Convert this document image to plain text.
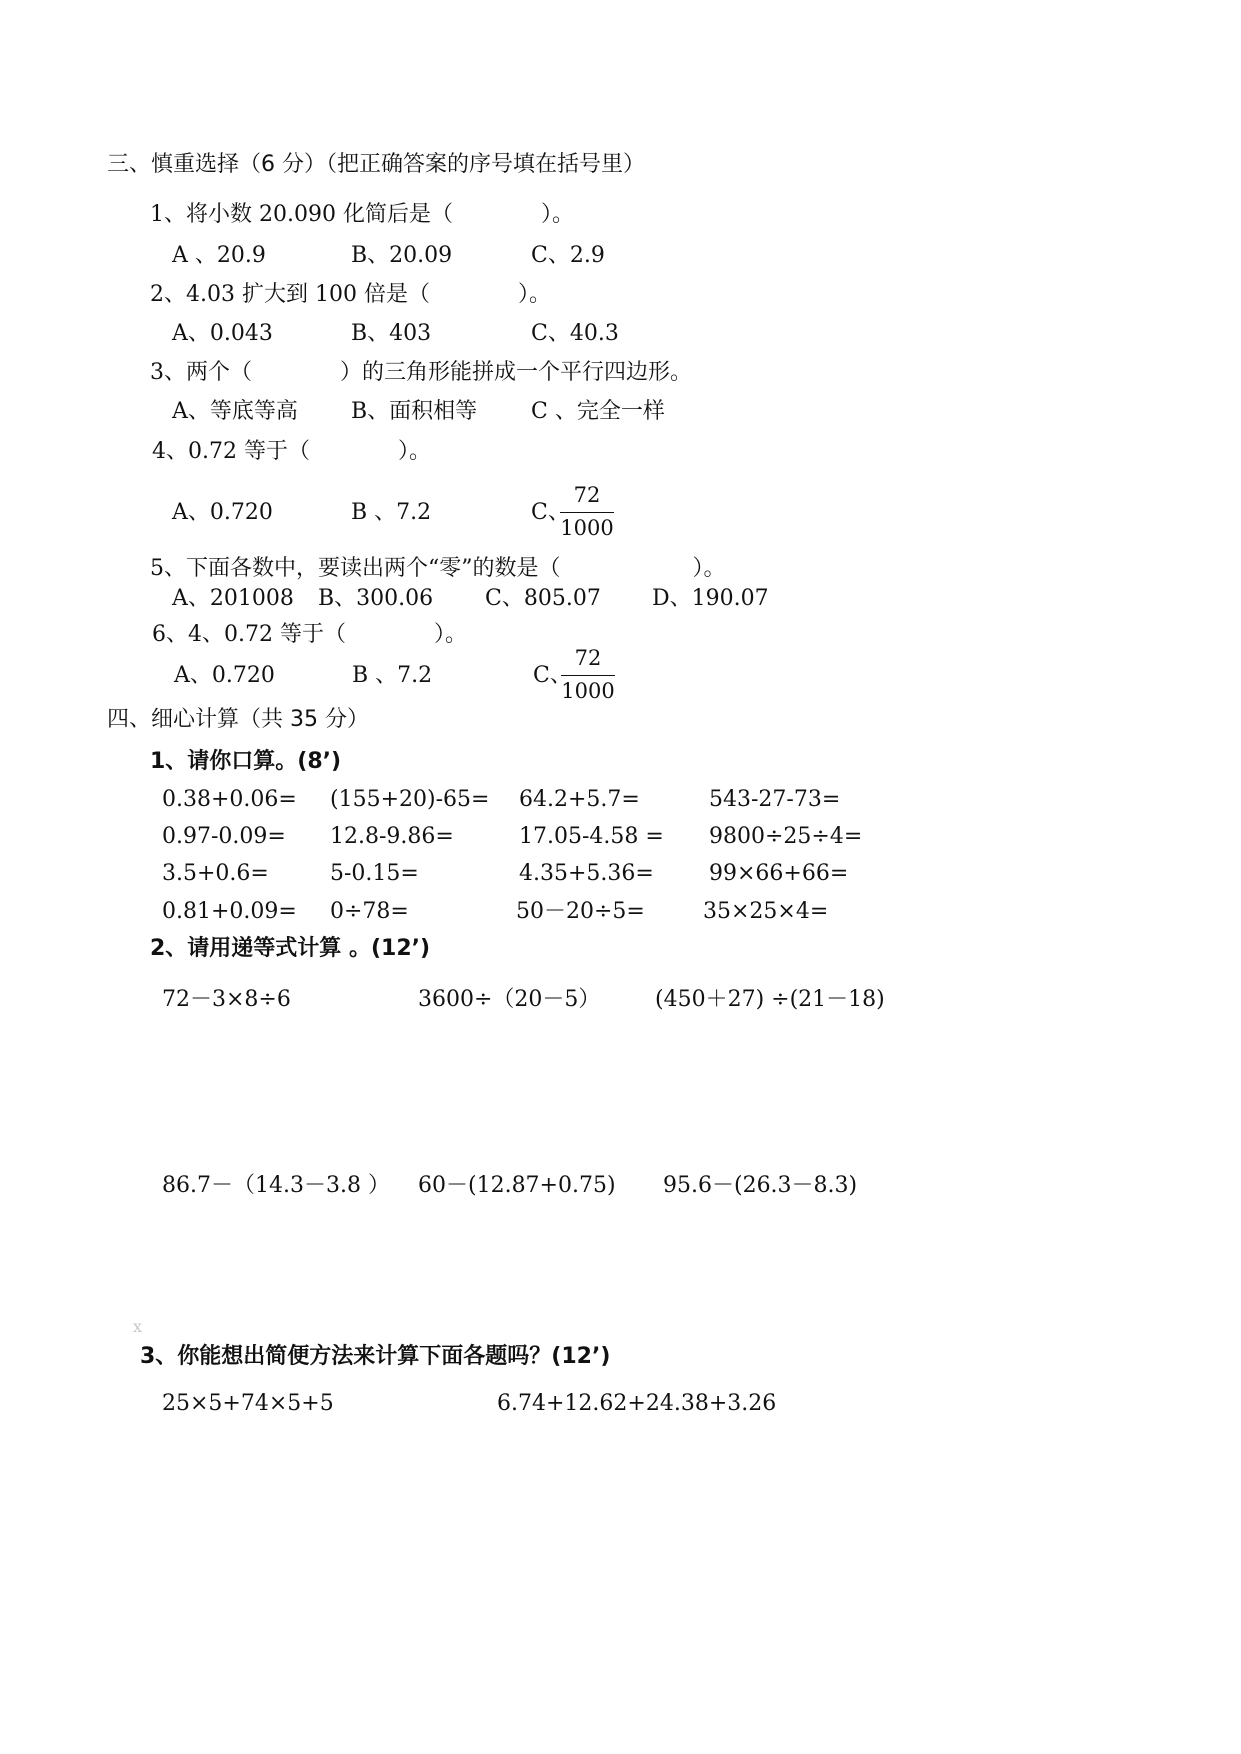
三、慎重选择（6 分）（把正确答案的序号填在括号里）
1、将小数 20.090 化简后是（　　　　）。
A 、20.9	B、20.09	C、2.9
2、4.03 扩大到 100 倍是（　　　　）。
A、0.043	B、403	C、40.3
3、两个（　　　　）的三角形能拼成一个平行四边形。
A、等底等高 B、面积相等 C 、完全一样
4、0.72 等于（　　　　）。
A、0.720	B 、7.2	C、
72
1000
5、下面各数中，要读出两个“零”的数是（　　　　　　）。
A、201008 B、300.06 C、805.07 D、190.07
6、4、0.72 等于（　　　　）。
A、0.720	B 、7.2	C、
72
1000
四、细心计算（共 35 分）
1、请你口算。(8’)
0.38+0.06= (155+20)-65= 64.2+5.7=	543-27-73=
0.97-0.09= 12.8-9.86=	17.05-4.58 = 9800÷25÷4=
3.5+0.6=	5-0.15=	4.35+5.36=	99×66+66=
0.81+0.09= 0÷78=	50－20÷5=	35×25×4=
2、请用递等式计算 。(12’)
72－3×8÷6	3600÷（20－5） (450＋27) ÷(21－18)
86.7－（14.3－3.8 ） 60－(12.87+0.75) 95.6－(26.3－8.3)
x
3、你能想出简便方法来计算下面各题吗？(12’)
25×5+74×5+5	6.74+12.62+24.38+3.26
